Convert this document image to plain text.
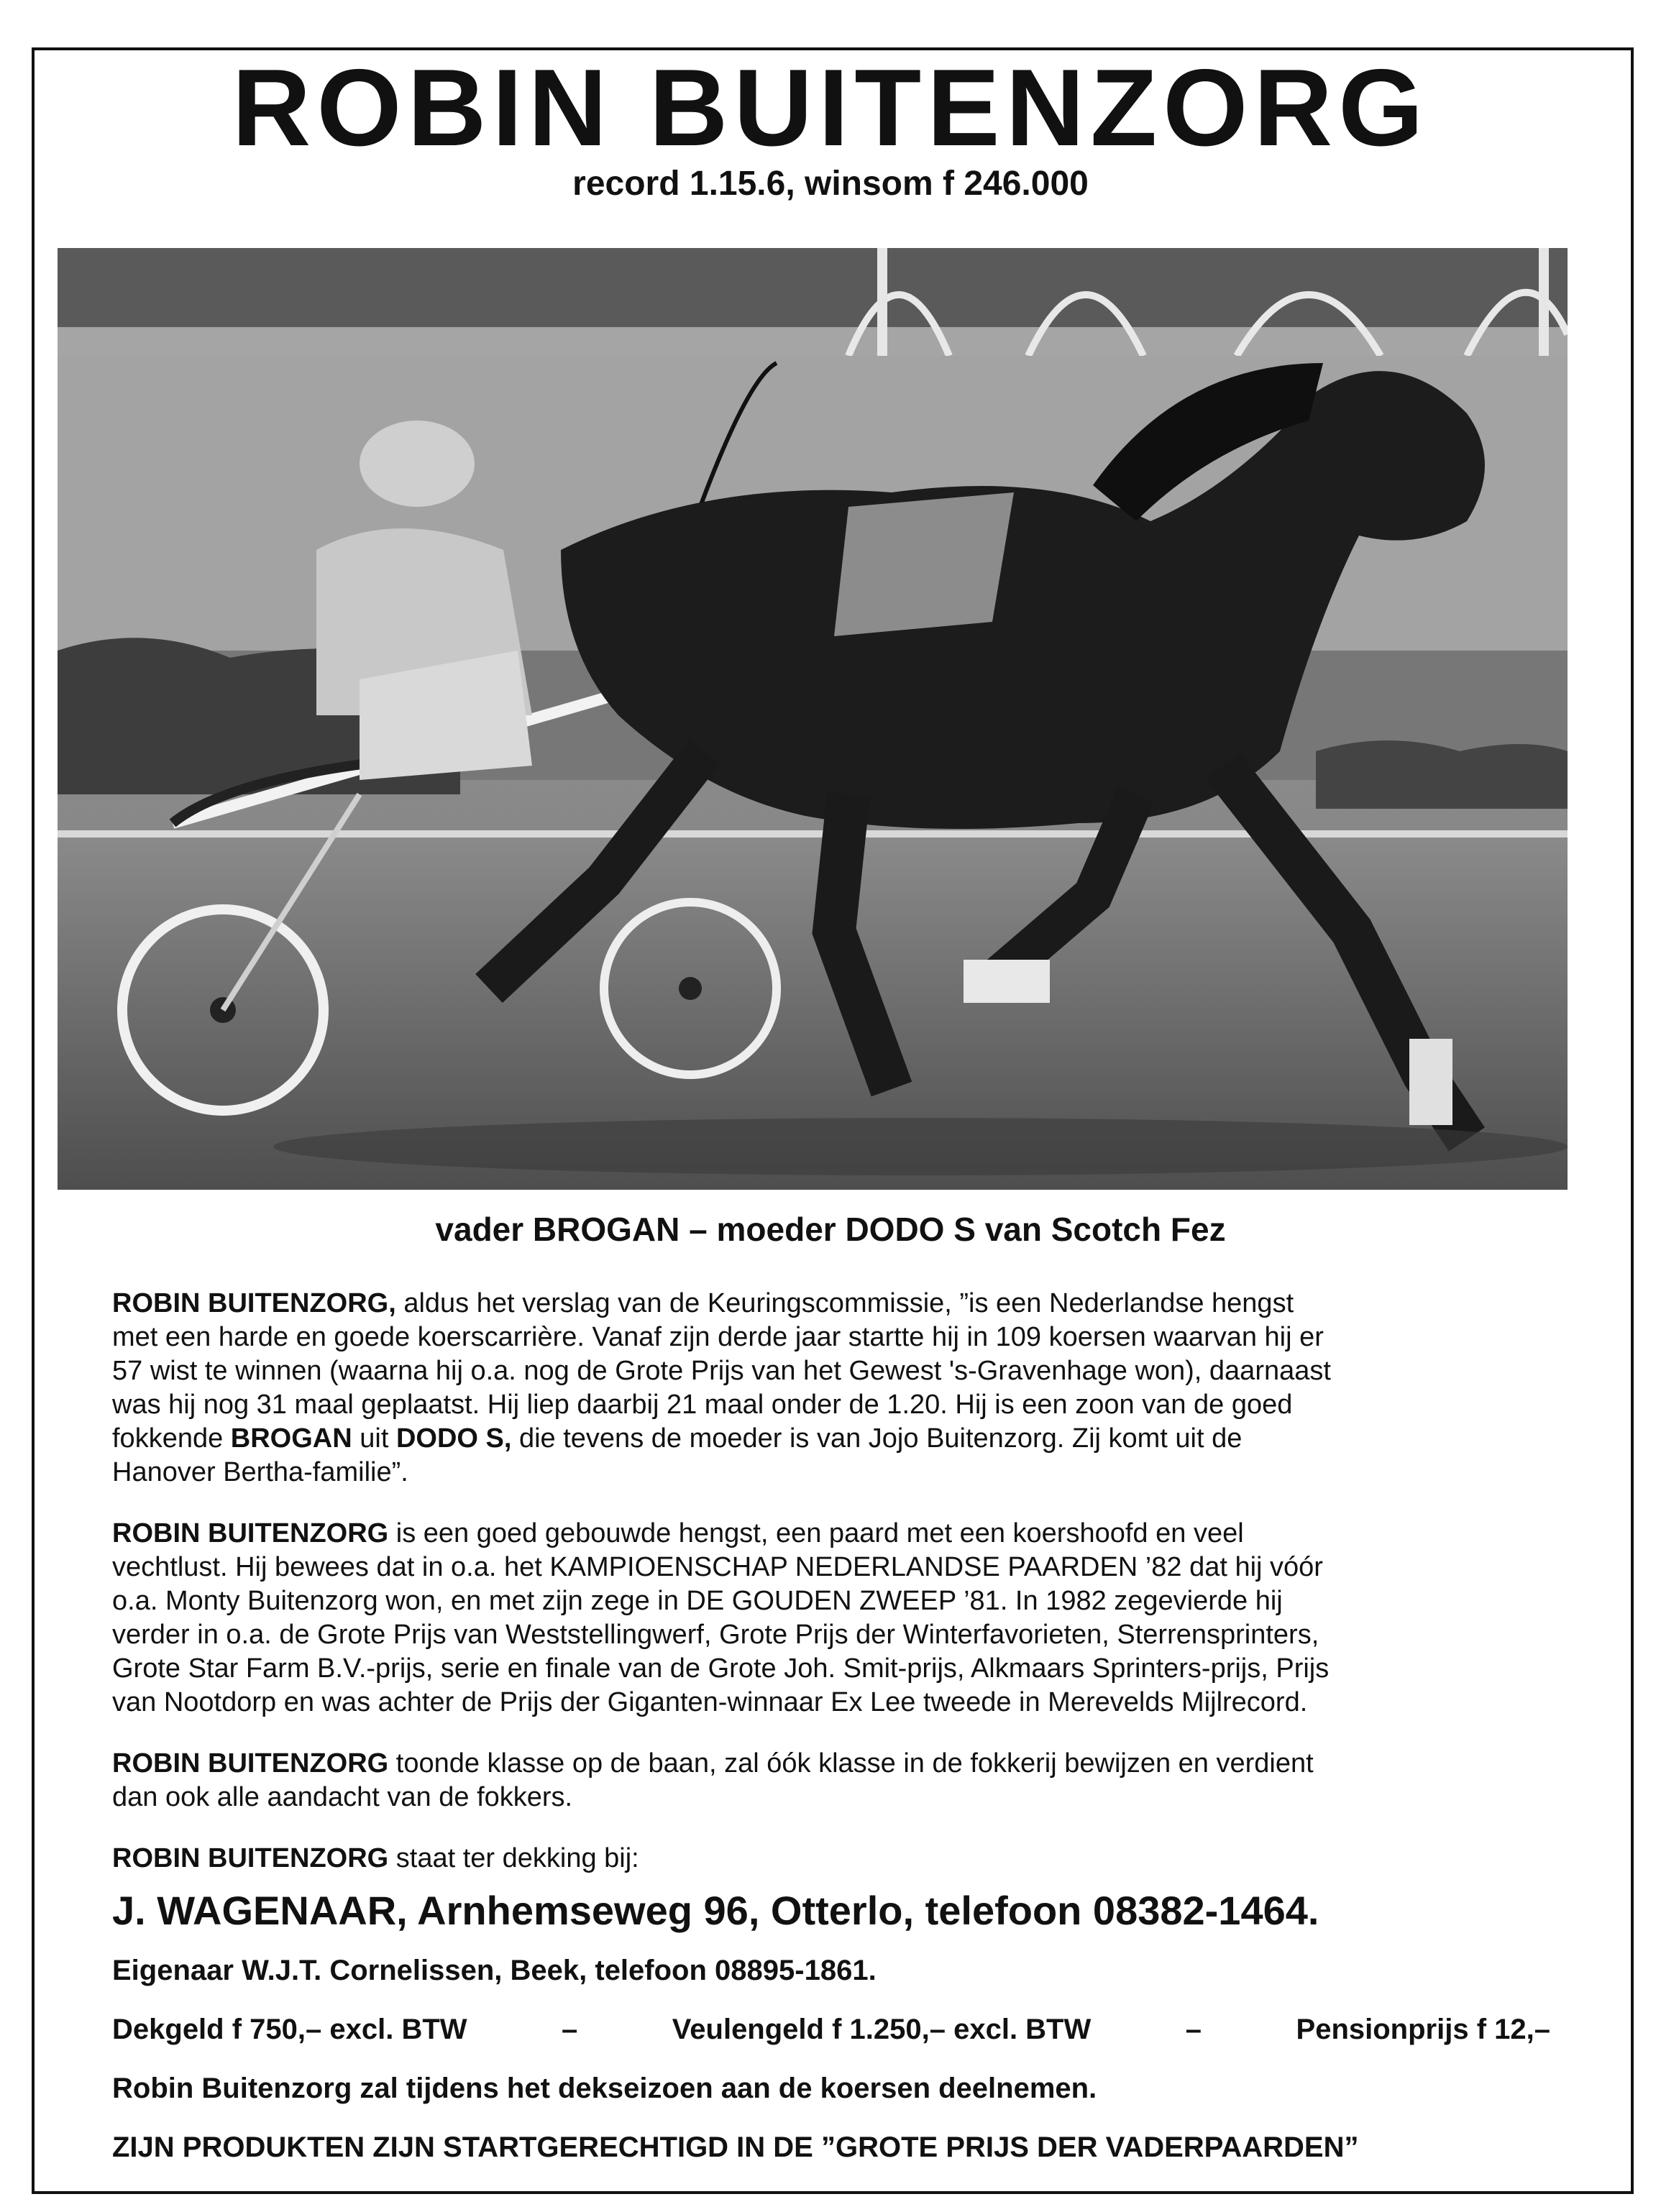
ROBIN BUITENZORG
record 1.15.6, winsom f 246.000
vader BROGAN – moeder DODO S van Scotch Fez
ROBIN BUITENZORG, aldus het verslag van de Keuringscommissie, ”is een Nederlandse hengst
met een harde en goede koerscarrière. Vanaf zijn derde jaar startte hij in 109 koersen waarvan hij er
57 wist te winnen (waarna hij o.a. nog de Grote Prijs van het Gewest 's-Gravenhage won), daarnaast
was hij nog 31 maal geplaatst. Hij liep daarbij 21 maal onder de 1.20. Hij is een zoon van de goed
fokkende BROGAN uit DODO S, die tevens de moeder is van Jojo Buitenzorg. Zij komt uit de
Hanover Bertha-familie”.
ROBIN BUITENZORG is een goed gebouwde hengst, een paard met een koershoofd en veel
vechtlust. Hij bewees dat in o.a. het KAMPIOENSCHAP NEDERLANDSE PAARDEN ’82 dat hij vóór
o.a. Monty Buitenzorg won, en met zijn zege in DE GOUDEN ZWEEP ’81. In 1982 zegevierde hij
verder in o.a. de Grote Prijs van Weststellingwerf, Grote Prijs der Winterfavorieten, Sterrensprinters,
Grote Star Farm B.V.-prijs, serie en finale van de Grote Joh. Smit-prijs, Alkmaars Sprinters-prijs, Prijs
van Nootdorp en was achter de Prijs der Giganten-winnaar Ex Lee tweede in Merevelds Mijlrecord.
ROBIN BUITENZORG toonde klasse op de baan, zal óók klasse in de fokkerij bewijzen en verdient
dan ook alle aandacht van de fokkers.
ROBIN BUITENZORG staat ter dekking bij:
J. WAGENAAR, Arnhemseweg 96, Otterlo, telefoon 08382-1464.
Eigenaar W.J.T. Cornelissen, Beek, telefoon 08895-1861.
Dekgeld f 750,– excl. BTW	–	Veulengeld f 1.250,– excl. BTW	–	Pensionprijs f 12,–
Robin Buitenzorg zal tijdens het dekseizoen aan de koersen deelnemen.
ZIJN PRODUKTEN ZIJN STARTGERECHTIGD IN DE ”GROTE PRIJS DER VADERPAARDEN”
